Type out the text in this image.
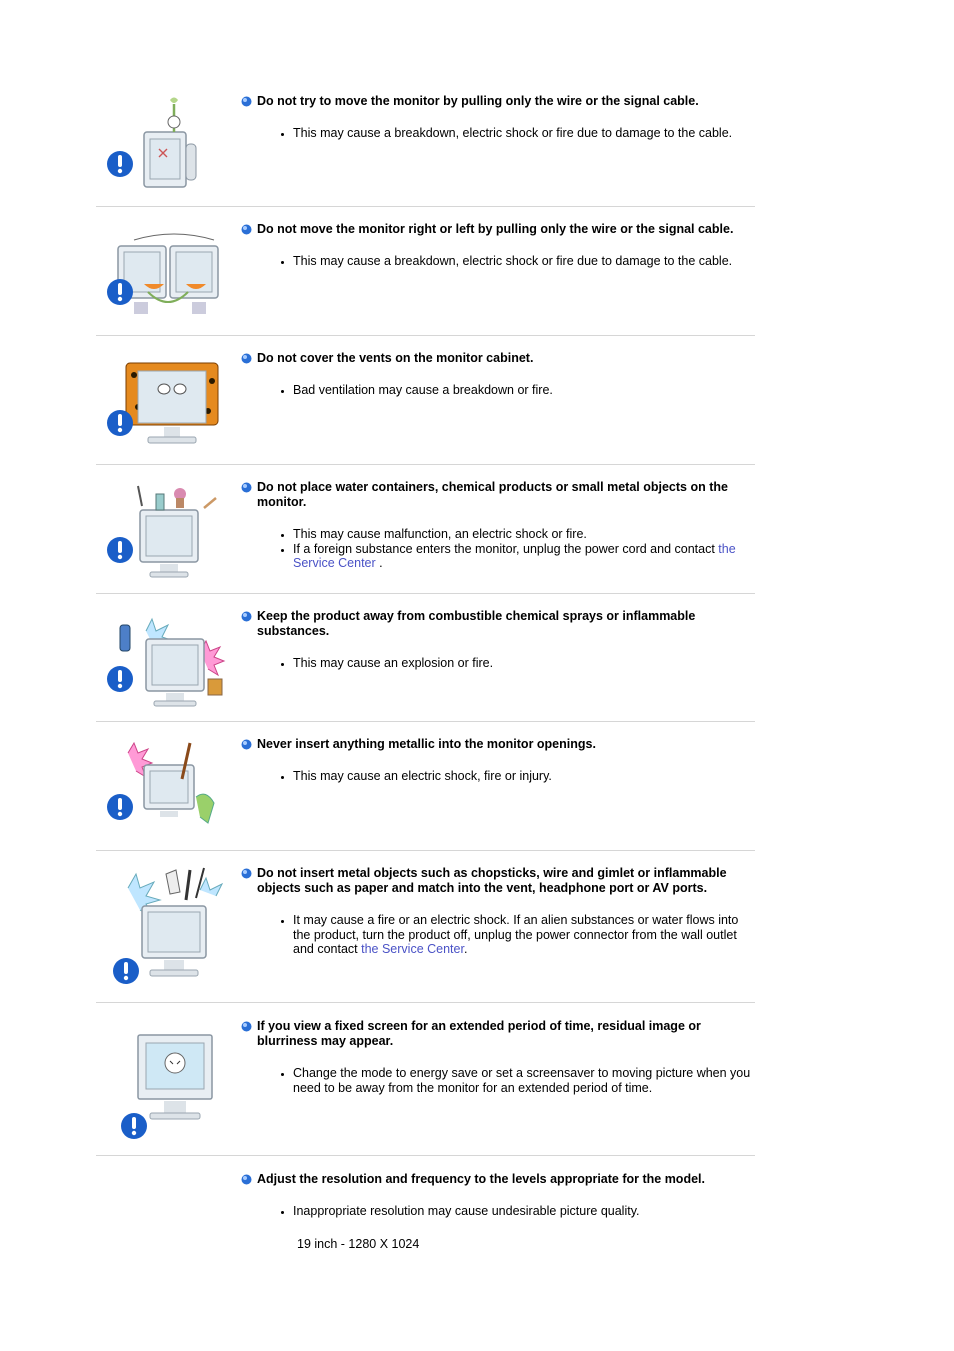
Do not try to move the monitor by pulling only the wire or the signal cable.
• This may cause a breakdown, electric shock or fire due to damage to the cable.
Do not move the monitor right or left by pulling only the wire or the signal cable.
• This may cause a breakdown, electric shock or fire due to damage to the cable.
Do not cover the vents on the monitor cabinet.
• Bad ventilation may cause a breakdown or fire.
Do not place water containers, chemical products or small metal objects on the monitor.
• This may cause malfunction, an electric shock or fire.
• If a foreign substance enters the monitor, unplug the power cord and contact the Service Center .
Keep the product away from combustible chemical sprays or inflammable substances.
• This may cause an explosion or fire.
Never insert anything metallic into the monitor openings.
• This may cause an electric shock, fire or injury.
Do not insert metal objects such as chopsticks, wire and gimlet or inflammable objects such as paper and match into the vent, headphone port or AV ports.
• It may cause a fire or an electric shock. If an alien substances or water flows into the product, turn the product off, unplug the power connector from the wall outlet and contact the Service Center.
If you view a fixed screen for an extended period of time, residual image or blurriness may appear.
• Change the mode to energy save or set a screensaver to moving picture when you need to be away from the monitor for an extended period of time.
Adjust the resolution and frequency to the levels appropriate for the model.
• Inappropriate resolution may cause undesirable picture quality.
19 inch - 1280 X 1024
